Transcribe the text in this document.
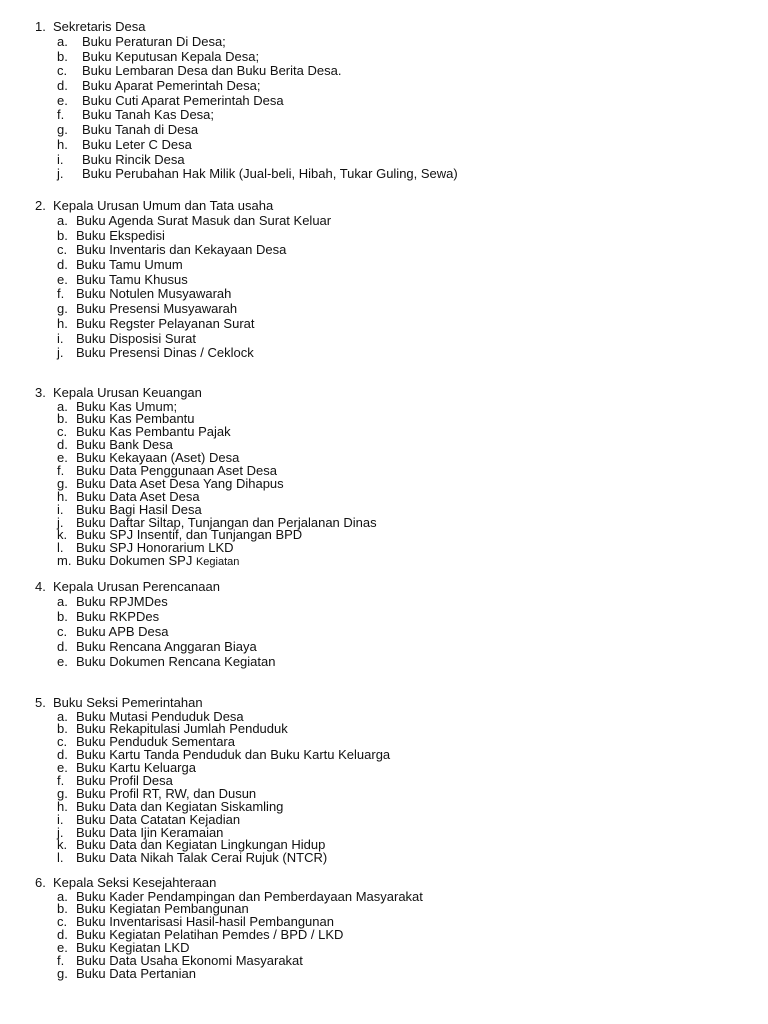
1. Sekretaris Desa
a.	Buku Peraturan Di Desa;
b.	Buku Keputusan Kepala Desa;
c.	Buku Lembaran Desa dan Buku Berita Desa.
d.	Buku Aparat Pemerintah Desa;
e.	Buku Cuti Aparat Pemerintah Desa
f.	Buku Tanah Kas Desa;
g.	Buku Tanah di Desa
h.	Buku Leter C Desa
i.	Buku Rincik Desa
j.	Buku Perubahan Hak Milik (Jual-beli, Hibah, Tukar Guling, Sewa)
2. Kepala Urusan Umum dan Tata usaha
a. Buku Agenda Surat Masuk dan Surat Keluar
b. Buku Ekspedisi
c. Buku Inventaris dan Kekayaan Desa
d. Buku Tamu Umum
e. Buku Tamu Khusus
f. Buku Notulen Musyawarah
g. Buku Presensi Musyawarah
h. Buku Regster Pelayanan Surat
i. Buku Disposisi Surat
j. Buku Presensi Dinas / Ceklock
3. Kepala Urusan Keuangan
a. Buku Kas Umum;
b. Buku Kas Pembantu
c. Buku Kas Pembantu Pajak
d. Buku Bank Desa
e. Buku Kekayaan (Aset) Desa
f. Buku Data Penggunaan Aset Desa
g. Buku Data Aset Desa Yang Dihapus
h. Buku Data Aset Desa
i. Buku Bagi Hasil Desa
j. Buku Daftar Siltap, Tunjangan dan Perjalanan Dinas
k. Buku SPJ Insentif, dan Tunjangan BPD
l. Buku SPJ Honorarium LKD
m. Buku Dokumen SPJ Kegiatan
4. Kepala Urusan Perencanaan
a. Buku RPJMDes
b. Buku RKPDes
c. Buku APB Desa
d. Buku Rencana Anggaran Biaya
e. Buku Dokumen Rencana Kegiatan
5. Buku Seksi Pemerintahan
a. Buku Mutasi Penduduk Desa
b. Buku Rekapitulasi Jumlah Penduduk
c. Buku Penduduk Sementara
d. Buku Kartu Tanda Penduduk dan Buku Kartu Keluarga
e. Buku Kartu Keluarga
f. Buku Profil Desa
g. Buku Profil RT, RW, dan Dusun
h. Buku Data dan Kegiatan Siskamling
i. Buku Data Catatan Kejadian
j. Buku Data Ijin Keramaian
k. Buku Data dan Kegiatan Lingkungan Hidup
l. Buku Data Nikah Talak Cerai Rujuk (NTCR)
6. Kepala Seksi Kesejahteraan
a. Buku Kader Pendampingan dan Pemberdayaan Masyarakat
b. Buku Kegiatan Pembangunan
c. Buku Inventarisasi Hasil-hasil Pembangunan
d. Buku Kegiatan Pelatihan Pemdes / BPD / LKD
e. Buku Kegiatan LKD
f. Buku Data Usaha Ekonomi Masyarakat
g. Buku Data Pertanian
